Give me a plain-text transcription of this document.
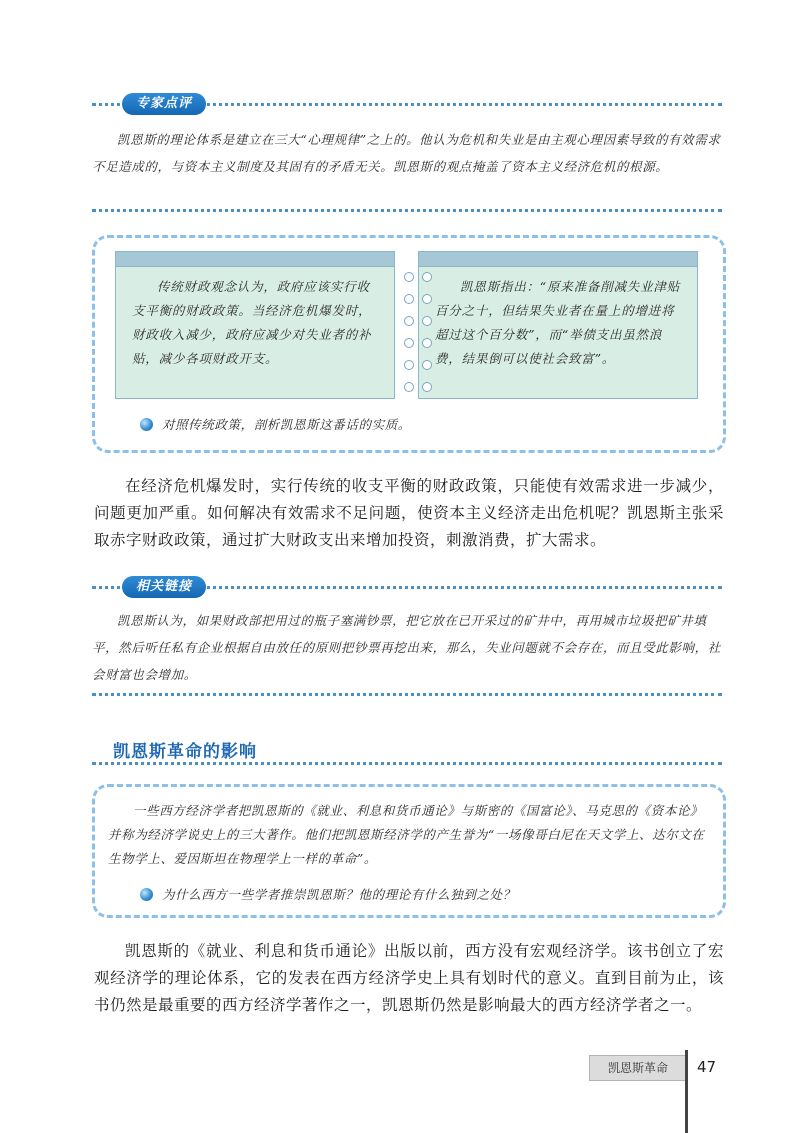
专家点评
凯恩斯的理论体系是建立在三大“心理规律”之上的。他认为危机和失业是由主观心理因素导致的有效需求不足造成的，与资本主义制度及其固有的矛盾无关。凯恩斯的观点掩盖了资本主义经济危机的根源。
传统财政观念认为，政府应该实行收支平衡的财政政策。当经济危机爆发时，财政收入减少，政府应减少对失业者的补贴，减少各项财政开支。
凯恩斯指出：“原来准备削减失业津贴百分之十，但结果失业者在量上的增进将超过这个百分数”，而“举债支出虽然浪费，结果倒可以使社会致富”。
对照传统政策，剖析凯恩斯这番话的实质。
在经济危机爆发时，实行传统的收支平衡的财政政策，只能使有效需求进一步减少，问题更加严重。如何解决有效需求不足问题，使资本主义经济走出危机呢？凯恩斯主张采取赤字财政政策，通过扩大财政支出来增加投资，刺激消费，扩大需求。
相关链接
凯恩斯认为，如果财政部把用过的瓶子塞满钞票，把它放在已开采过的矿井中，再用城市垃圾把矿井填平，然后听任私有企业根据自由放任的原则把钞票再挖出来，那么，失业问题就不会存在，而且受此影响，社会财富也会增加。
凯恩斯革命的影响
一些西方经济学者把凯恩斯的《就业、利息和货币通论》与斯密的《国富论》、马克思的《资本论》并称为经济学说史上的三大著作。他们把凯恩斯经济学的产生誉为“一场像哥白尼在天文学上、达尔文在生物学上、爱因斯坦在物理学上一样的革命”。
为什么西方一些学者推崇凯恩斯？他的理论有什么独到之处？
凯恩斯的《就业、利息和货币通论》出版以前，西方没有宏观经济学。该书创立了宏观经济学的理论体系，它的发表在西方经济学史上具有划时代的意义。直到目前为止，该书仍然是最重要的西方经济学著作之一，凯恩斯仍然是影响最大的西方经济学者之一。
凯恩斯革命	47
